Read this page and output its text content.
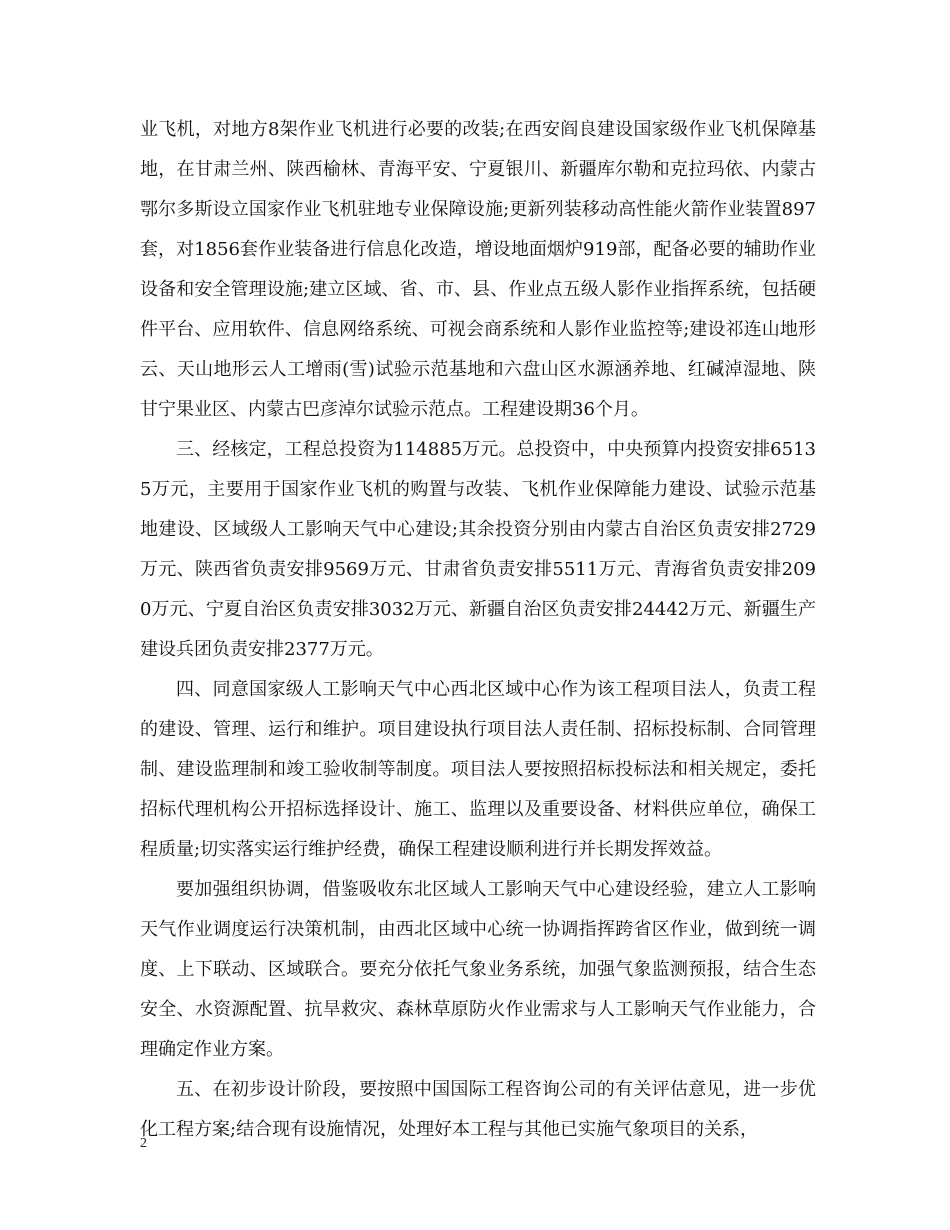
业飞机，对地方8架作业飞机进行必要的改装;在西安阎良建设国家级作业飞机保障基地，在甘肃兰州、陕西榆林、青海平安、宁夏银川、新疆库尔勒和克拉玛依、内蒙古鄂尔多斯设立国家作业飞机驻地专业保障设施;更新列装移动高性能火箭作业装置897套，对1856套作业装备进行信息化改造，增设地面烟炉919部，配备必要的辅助作业设备和安全管理设施;建立区域、省、市、县、作业点五级人影作业指挥系统，包括硬件平台、应用软件、信息网络系统、可视会商系统和人影作业监控等;建设祁连山地形云、天山地形云人工增雨(雪)试验示范基地和六盘山区水源涵养地、红碱淖湿地、陕甘宁果业区、内蒙古巴彦淖尔试验示范点。工程建设期36个月。

三、经核定，工程总投资为114885万元。总投资中，中央预算内投资安排65135万元，主要用于国家作业飞机的购置与改装、飞机作业保障能力建设、试验示范基地建设、区域级人工影响天气中心建设;其余投资分别由内蒙古自治区负责安排2729万元、陕西省负责安排9569万元、甘肃省负责安排5511万元、青海省负责安排2090万元、宁夏自治区负责安排3032万元、新疆自治区负责安排24442万元、新疆生产建设兵团负责安排2377万元。

四、同意国家级人工影响天气中心西北区域中心作为该工程项目法人，负责工程的建设、管理、运行和维护。项目建设执行项目法人责任制、招标投标制、合同管理制、建设监理制和竣工验收制等制度。项目法人要按照招标投标法和相关规定，委托招标代理机构公开招标选择设计、施工、监理以及重要设备、材料供应单位，确保工程质量;切实落实运行维护经费，确保工程建设顺利进行并长期发挥效益。

要加强组织协调，借鉴吸收东北区域人工影响天气中心建设经验，建立人工影响天气作业调度运行决策机制，由西北区域中心统一协调指挥跨省区作业，做到统一调度、上下联动、区域联合。要充分依托气象业务系统，加强气象监测预报，结合生态安全、水资源配置、抗旱救灾、森林草原防火作业需求与人工影响天气作业能力，合理确定作业方案。

五、在初步设计阶段，要按照中国国际工程咨询公司的有关评估意见，进一步优化工程方案;结合现有设施情况，处理好本工程与其他已实施气象项目的关系，

2
